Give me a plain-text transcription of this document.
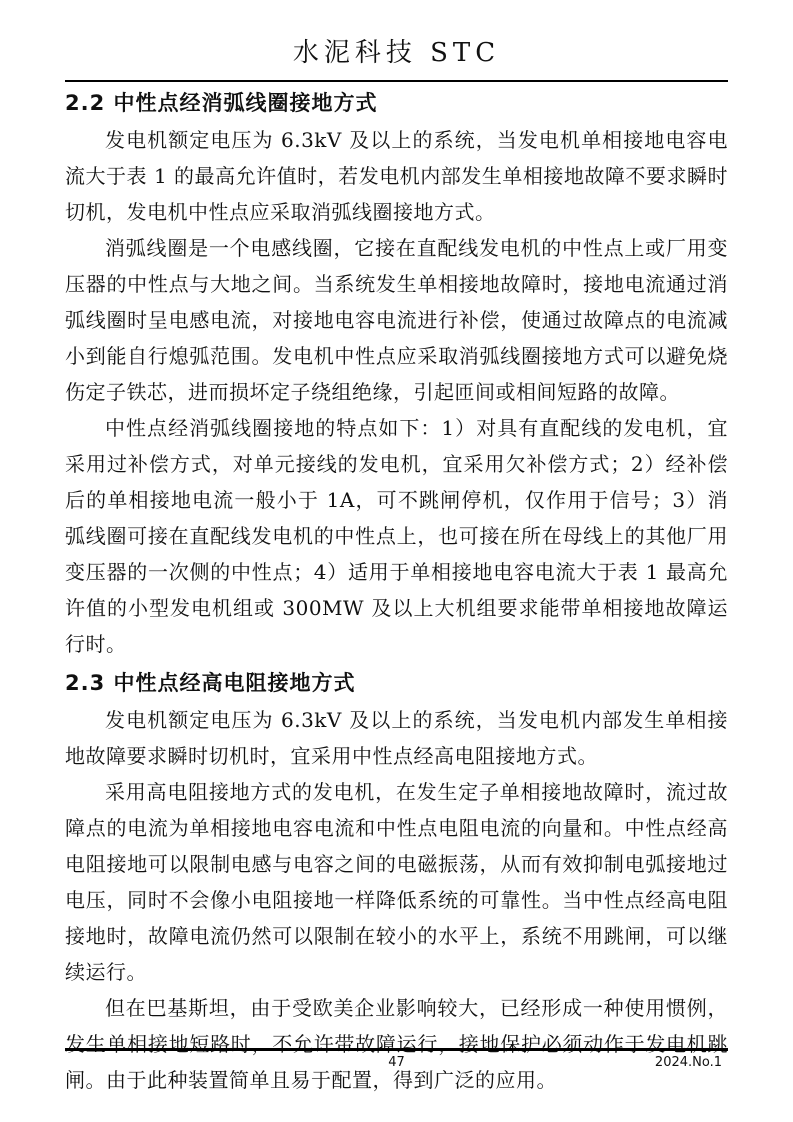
水泥科技 STC
2.2 中性点经消弧线圈接地方式

发电机额定电压为 6.3kV 及以上的系统，当发电机单相接地电容电流大于表 1 的最高允许值时，若发电机内部发生单相接地故障不要求瞬时切机，发电机中性点应采取消弧线圈接地方式。

消弧线圈是一个电感线圈，它接在直配线发电机的中性点上或厂用变压器的中性点与大地之间。当系统发生单相接地故障时，接地电流通过消弧线圈时呈电感电流，对接地电容电流进行补偿，使通过故障点的电流减小到能自行熄弧范围。发电机中性点应采取消弧线圈接地方式可以避免烧伤定子铁芯，进而损坏定子绕组绝缘，引起匝间或相间短路的故障。

中性点经消弧线圈接地的特点如下：1）对具有直配线的发电机，宜采用过补偿方式，对单元接线的发电机，宜采用欠补偿方式；2）经补偿后的单相接地电流一般小于 1A，可不跳闸停机，仅作用于信号；3）消弧线圈可接在直配线发电机的中性点上，也可接在所在母线上的其他厂用变压器的一次侧的中性点；4）适用于单相接地电容电流大于表 1 最高允许值的小型发电机组或 300MW 及以上大机组要求能带单相接地故障运行时。

2.3 中性点经高电阻接地方式

发电机额定电压为 6.3kV 及以上的系统，当发电机内部发生单相接地故障要求瞬时切机时，宜采用中性点经高电阻接地方式。

采用高电阻接地方式的发电机，在发生定子单相接地故障时，流过故障点的电流为单相接地电容电流和中性点电阻电流的向量和。中性点经高电阻接地可以限制电感与电容之间的电磁振荡，从而有效抑制电弧接地过电压，同时不会像小电阻接地一样降低系统的可靠性。当中性点经高电阻接地时，故障电流仍然可以限制在较小的水平上，系统不用跳闸，可以继续运行。

但在巴基斯坦，由于受欧美企业影响较大，已经形成一种使用惯例，发生单相接地短路时，不允许带故障运行，接地保护必须动作于发电机跳闸。由于此种装置简单且易于配置，得到广泛的应用。

47	2024.No.1
